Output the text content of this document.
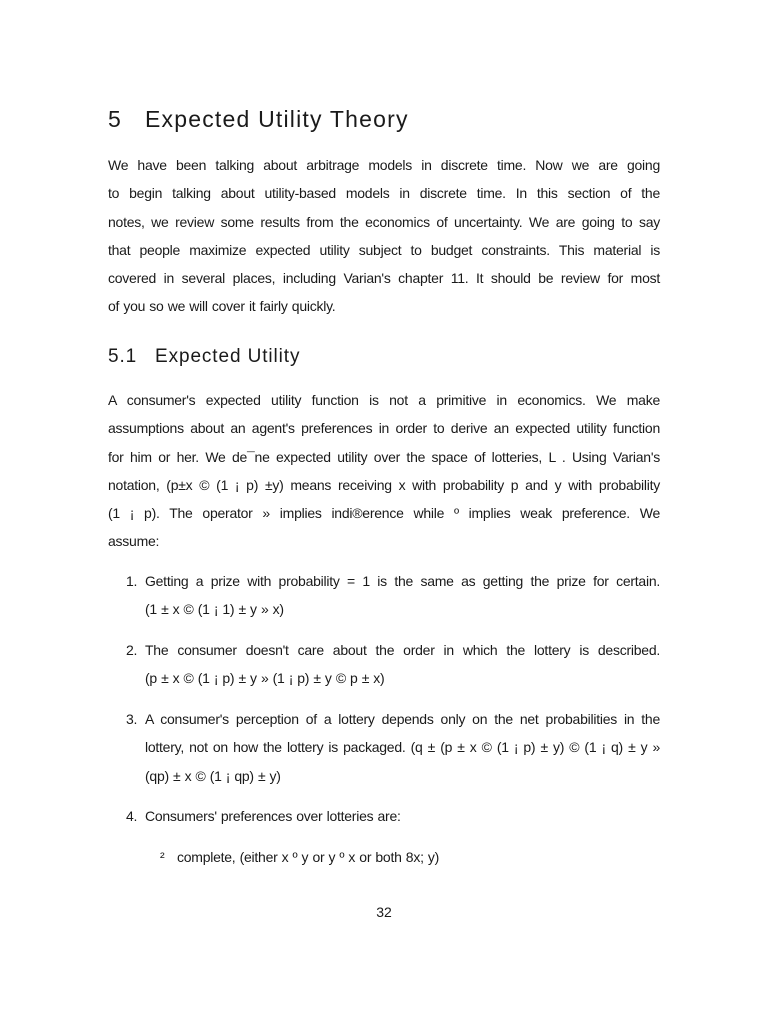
5 Expected Utility Theory
We have been talking about arbitrage models in discrete time. Now we are going
to begin talking about utility-based models in discrete time. In this section of the
notes, we review some results from the economics of uncertainty. We are going to say
that people maximize expected utility subject to budget constraints. This material is
covered in several places, including Varian's chapter 11. It should be review for most
of you so we will cover it fairly quickly.
5.1 Expected Utility
A consumer's expected utility function is not a primitive in economics. We make
assumptions about an agent's preferences in order to derive an expected utility function
for him or her. We de¯ne expected utility over the space of lotteries, L . Using Varian's
notation, (p±x © (1 ¡ p) ±y) means receiving x with probability p and y with probability
(1 ¡ p). The operator » implies indi®erence while º implies weak preference. We
assume:
1. Getting a prize with probability = 1 is the same as getting the prize for certain.
(1 ± x © (1 ¡ 1) ± y » x)
2. The consumer doesn't care about the order in which the lottery is described.
(p ± x © (1 ¡ p) ± y » (1 ¡ p) ± y © p ± x)
3. A consumer's perception of a lottery depends only on the net probabilities in the
lottery, not on how the lottery is packaged. (q ± (p ± x © (1 ¡ p) ± y) © (1 ¡ q) ± y »
(qp) ± x © (1 ¡ qp) ± y)
4. Consumers' preferences over lotteries are:
² complete, (either x º y or y º x or both 8x; y)
32
